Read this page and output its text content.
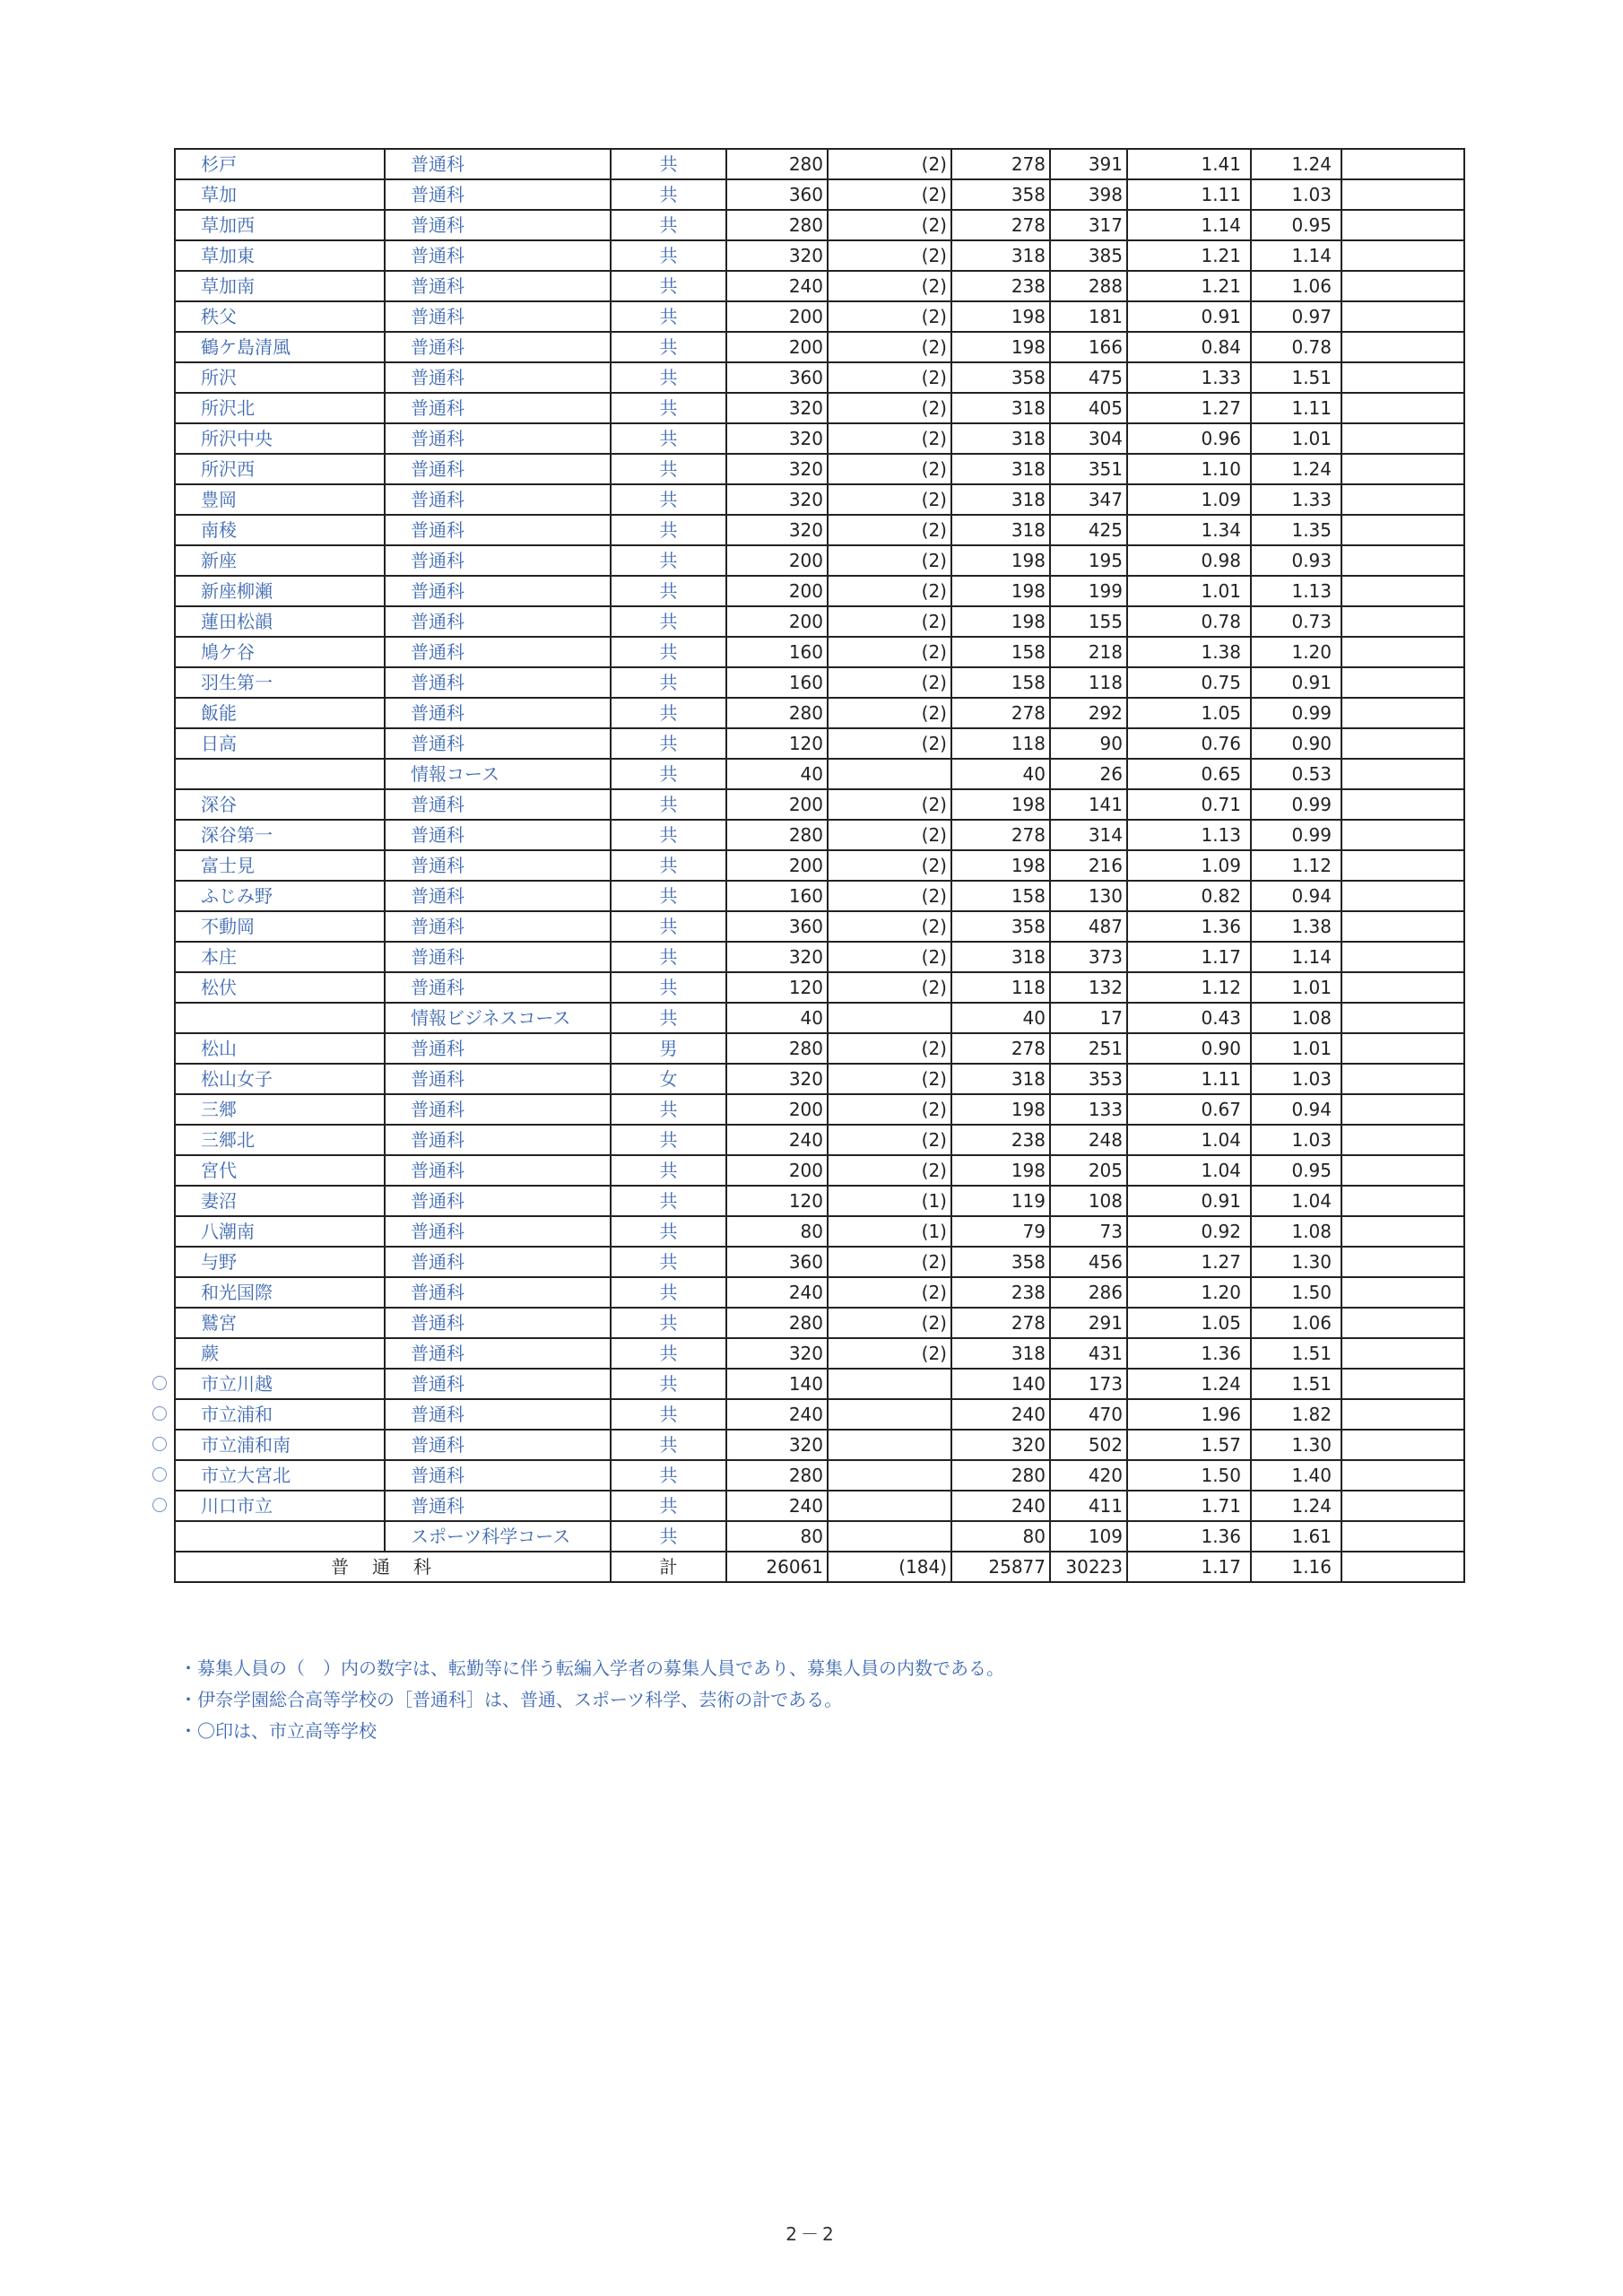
杉戸	普通科	共	280	(2)	278	391	1.41	1.24	
草加	普通科	共	360	(2)	358	398	1.11	1.03	
草加西	普通科	共	280	(2)	278	317	1.14	0.95	
草加東	普通科	共	320	(2)	318	385	1.21	1.14	
草加南	普通科	共	240	(2)	238	288	1.21	1.06	
秩父	普通科	共	200	(2)	198	181	0.91	0.97	
鶴ケ島清風	普通科	共	200	(2)	198	166	0.84	0.78	
所沢	普通科	共	360	(2)	358	475	1.33	1.51	
所沢北	普通科	共	320	(2)	318	405	1.27	1.11	
所沢中央	普通科	共	320	(2)	318	304	0.96	1.01	
所沢西	普通科	共	320	(2)	318	351	1.10	1.24	
豊岡	普通科	共	320	(2)	318	347	1.09	1.33	
南稜	普通科	共	320	(2)	318	425	1.34	1.35	
新座	普通科	共	200	(2)	198	195	0.98	0.93	
新座柳瀬	普通科	共	200	(2)	198	199	1.01	1.13	
蓮田松韻	普通科	共	200	(2)	198	155	0.78	0.73	
鳩ケ谷	普通科	共	160	(2)	158	218	1.38	1.20	
羽生第一	普通科	共	160	(2)	158	118	0.75	0.91	
飯能	普通科	共	280	(2)	278	292	1.05	0.99	
日高	普通科	共	120	(2)	118	90	0.76	0.90	
	情報コース	共	40		40	26	0.65	0.53	
深谷	普通科	共	200	(2)	198	141	0.71	0.99	
深谷第一	普通科	共	280	(2)	278	314	1.13	0.99	
富士見	普通科	共	200	(2)	198	216	1.09	1.12	
ふじみ野	普通科	共	160	(2)	158	130	0.82	0.94	
不動岡	普通科	共	360	(2)	358	487	1.36	1.38	
本庄	普通科	共	320	(2)	318	373	1.17	1.14	
松伏	普通科	共	120	(2)	118	132	1.12	1.01	
	情報ビジネスコース	共	40		40	17	0.43	1.08	
松山	普通科	男	280	(2)	278	251	0.90	1.01	
松山女子	普通科	女	320	(2)	318	353	1.11	1.03	
三郷	普通科	共	200	(2)	198	133	0.67	0.94	
三郷北	普通科	共	240	(2)	238	248	1.04	1.03	
宮代	普通科	共	200	(2)	198	205	1.04	0.95	
妻沼	普通科	共	120	(1)	119	108	0.91	1.04	
八潮南	普通科	共	80	(1)	79	73	0.92	1.08	
与野	普通科	共	360	(2)	358	456	1.27	1.30	
和光国際	普通科	共	240	(2)	238	286	1.20	1.50	
鷲宮	普通科	共	280	(2)	278	291	1.05	1.06	
蕨	普通科	共	320	(2)	318	431	1.36	1.51	
市立川越	普通科	共	140		140	173	1.24	1.51	
市立浦和	普通科	共	240		240	470	1.96	1.82	
市立浦和南	普通科	共	320		320	502	1.57	1.30	
市立大宮北	普通科	共	280		280	420	1.50	1.40	
川口市立	普通科	共	240		240	411	1.71	1.24	
	スポーツ科学コース	共	80		80	109	1.36	1.61	
普通科		計	26061	(184)	25877	30223	1.17	1.16	
・募集人員の（　）内の数字は、転勤等に伴う転編入学者の募集人員であり、募集人員の内数である。
・伊奈学園総合高等学校の［普通科］は、普通、スポーツ科学、芸術の計である。
・〇印は、市立高等学校
2－2
